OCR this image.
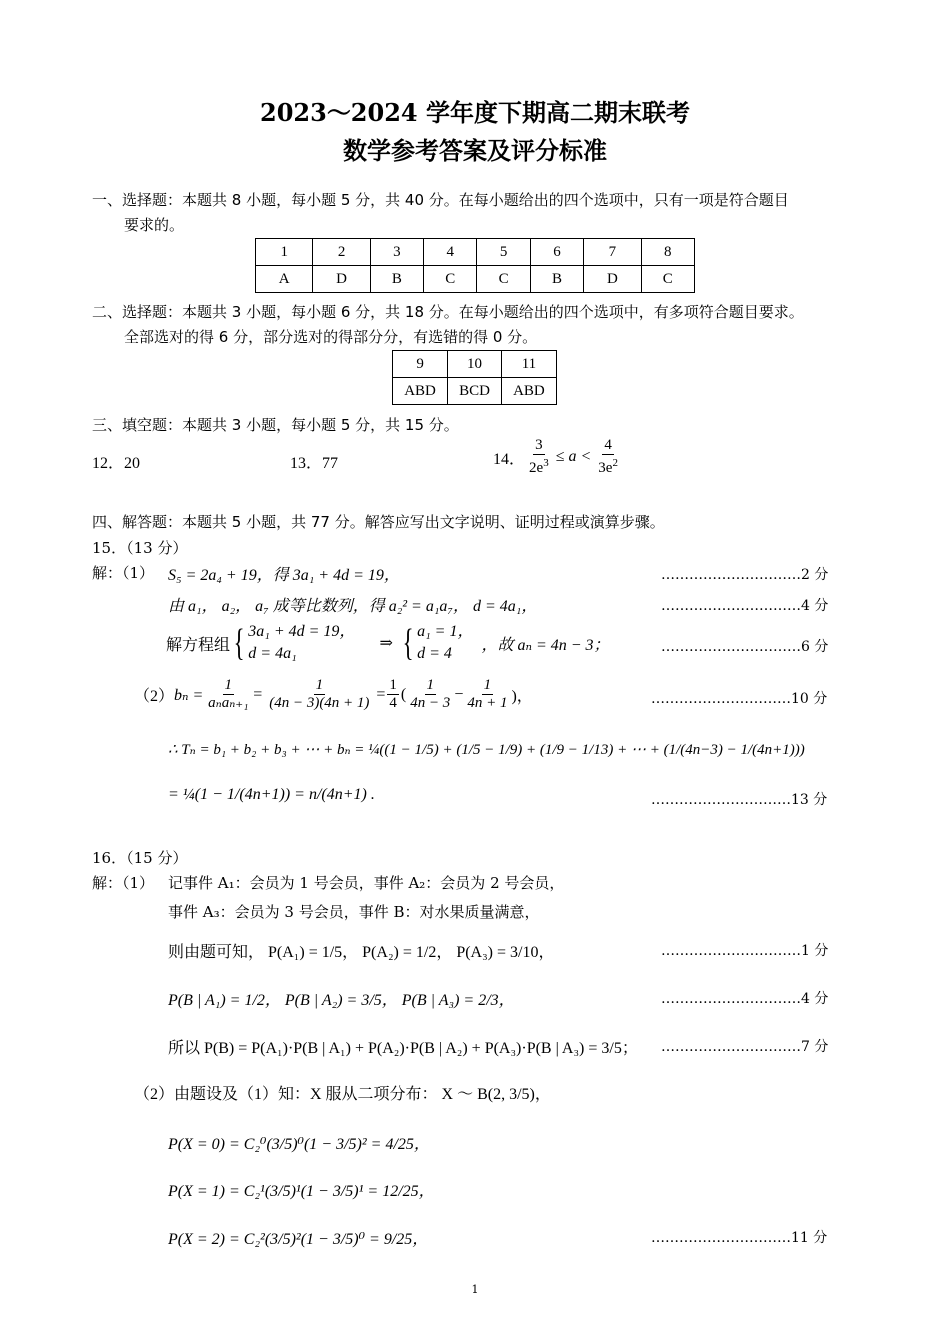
2023～2024 学年度下期高二期末联考
数学参考答案及评分标准
一、选择题：本题共 8 小题，每小题 5 分，共 40 分。在每小题给出的四个选项中，只有一项是符合题目
要求的。
1	2	3	4	5	6	7	8
A	D	B	C	C	B	D	C
二、选择题：本题共 3 小题，每小题 6 分，共 18 分。在每小题给出的四个选项中，有多项符合题目要求。
全部选对的得 6 分，部分选对的得部分分，有选错的得 0 分。
9	10	11
ABD	BCD	ABD
三、填空题：本题共 3 小题，每小题 5 分，共 15 分。
12．20	13．77	14． $\frac{3}{2e^3} \le a < \frac{4}{3e^2}$
四、解答题：本题共 5 小题，共 77 分。解答应写出文字说明、证明过程或演算步骤。
15．（13 分）
解：（1） S₅ = 2a₄ + 19，得 3a₁ + 4d = 19，
由 a₁， a₂， a₇ 成等比数列，得 a₂² = a₁a₇， d = 4a₁，
解方程组 { 3a₁ + 4d = 19，
d = 4a₁
⇒ { a₁ = 1，
d = 4	，故 aₙ = 4n − 3；
（2） $b_n = \frac{1}{\text{aₙaₙ₊₁}} = \frac{1}{(4n - 3)(4n + 1)} = \frac{1}{4}$ ( $\frac{1}{4n - 3} - \frac{1}{4n + 1}$ )，
∴ Tₙ = b₁ + b₂ + b₃ + ⋯ + bₙ = ¼((1 − 1/5) + (1/5 − 1/9) + (1/9 − 1/13) + ⋯ + (1/(4n−3) − 1/(4n+1)))
= ¼(1 − 1/(4n+1)) = n/(4n+1) .
…………………………2 分
…………………………4 分
…………………………6 分
…………………………10 分
…………………………13 分
16．（15 分）
解：（1） 记事件 A₁：会员为 1 号会员，事件 A₂：会员为 2 号会员，
事件 A₃：会员为 3 号会员，事件 B：对水果质量满意，
则由题可知， P(A₁) = 1/5， P(A₂) = 1/2， P(A₃) = 3/10，
P(B | A₁) = 1/2， P(B | A₂) = 3/5， P(B | A₃) = 2/3，
所以 P(B) = P(A₁)·P(B | A₁) + P(A₂)·P(B | A₂) + P(A₃)·P(B | A₃) = 3/5；
（2）由题设及（1）知：X 服从二项分布： X ～ B(2, 3/5)，
P(X = 0) = C₂⁰(3/5)⁰(1 − 3/5)² = 4/25，
P(X = 1) = C₂¹(3/5)¹(1 − 3/5)¹ = 12/25，
P(X = 2) = C₂²(3/5)²(1 − 3/5)⁰ = 9/25，
…………………………1 分
…………………………4 分
…………………………7 分
…………………………11 分
1
